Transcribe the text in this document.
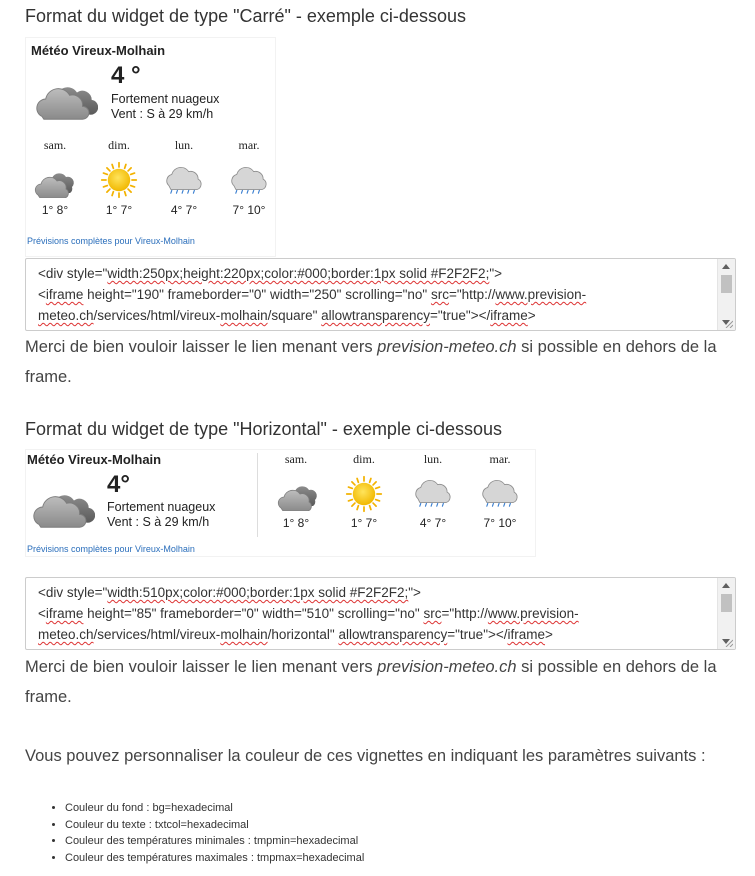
Format du widget de type "Carré" - exemple ci-dessous
Météo Vireux-Molhain
4 °
Fortement nuageux
Vent : S à 29 km/h
sam.	dim.	lun.	mar.
1° 8°	1° 7°	4° 7°	7° 10°
Prévisions complètes pour Vireux-Molhain
<div style="width:250px;height:220px;color:#000;border:1px solid #F2F2F2;">
<iframe height="190" frameborder="0" width="250" scrolling="no" src="http://www.prevision-
meteo.ch/services/html/vireux-molhain/square" allowtransparency="true"></iframe>
Merci de bien vouloir laisser le lien menant vers prevision-meteo.ch si possible en dehors de la frame.
Format du widget de type "Horizontal" - exemple ci-dessous
Météo Vireux-Molhain
4°
Fortement nuageux
Vent : S à 29 km/h
sam.	dim.	lun.	mar.
1° 8°	1° 7°	4° 7°	7° 10°
Prévisions complètes pour Vireux-Molhain
<div style="width:510px;color:#000;border:1px solid #F2F2F2;">
<iframe height="85" frameborder="0" width="510" scrolling="no" src="http://www.prevision-
meteo.ch/services/html/vireux-molhain/horizontal" allowtransparency="true"></iframe>
Merci de bien vouloir laisser le lien menant vers prevision-meteo.ch si possible en dehors de la frame.
Vous pouvez personnaliser la couleur de ces vignettes en indiquant les paramètres suivants :
• Couleur du fond : bg=hexadecimal
• Couleur du texte : txtcol=hexadecimal
• Couleur des températures minimales : tmpmin=hexadecimal
• Couleur des températures maximales : tmpmax=hexadecimal
